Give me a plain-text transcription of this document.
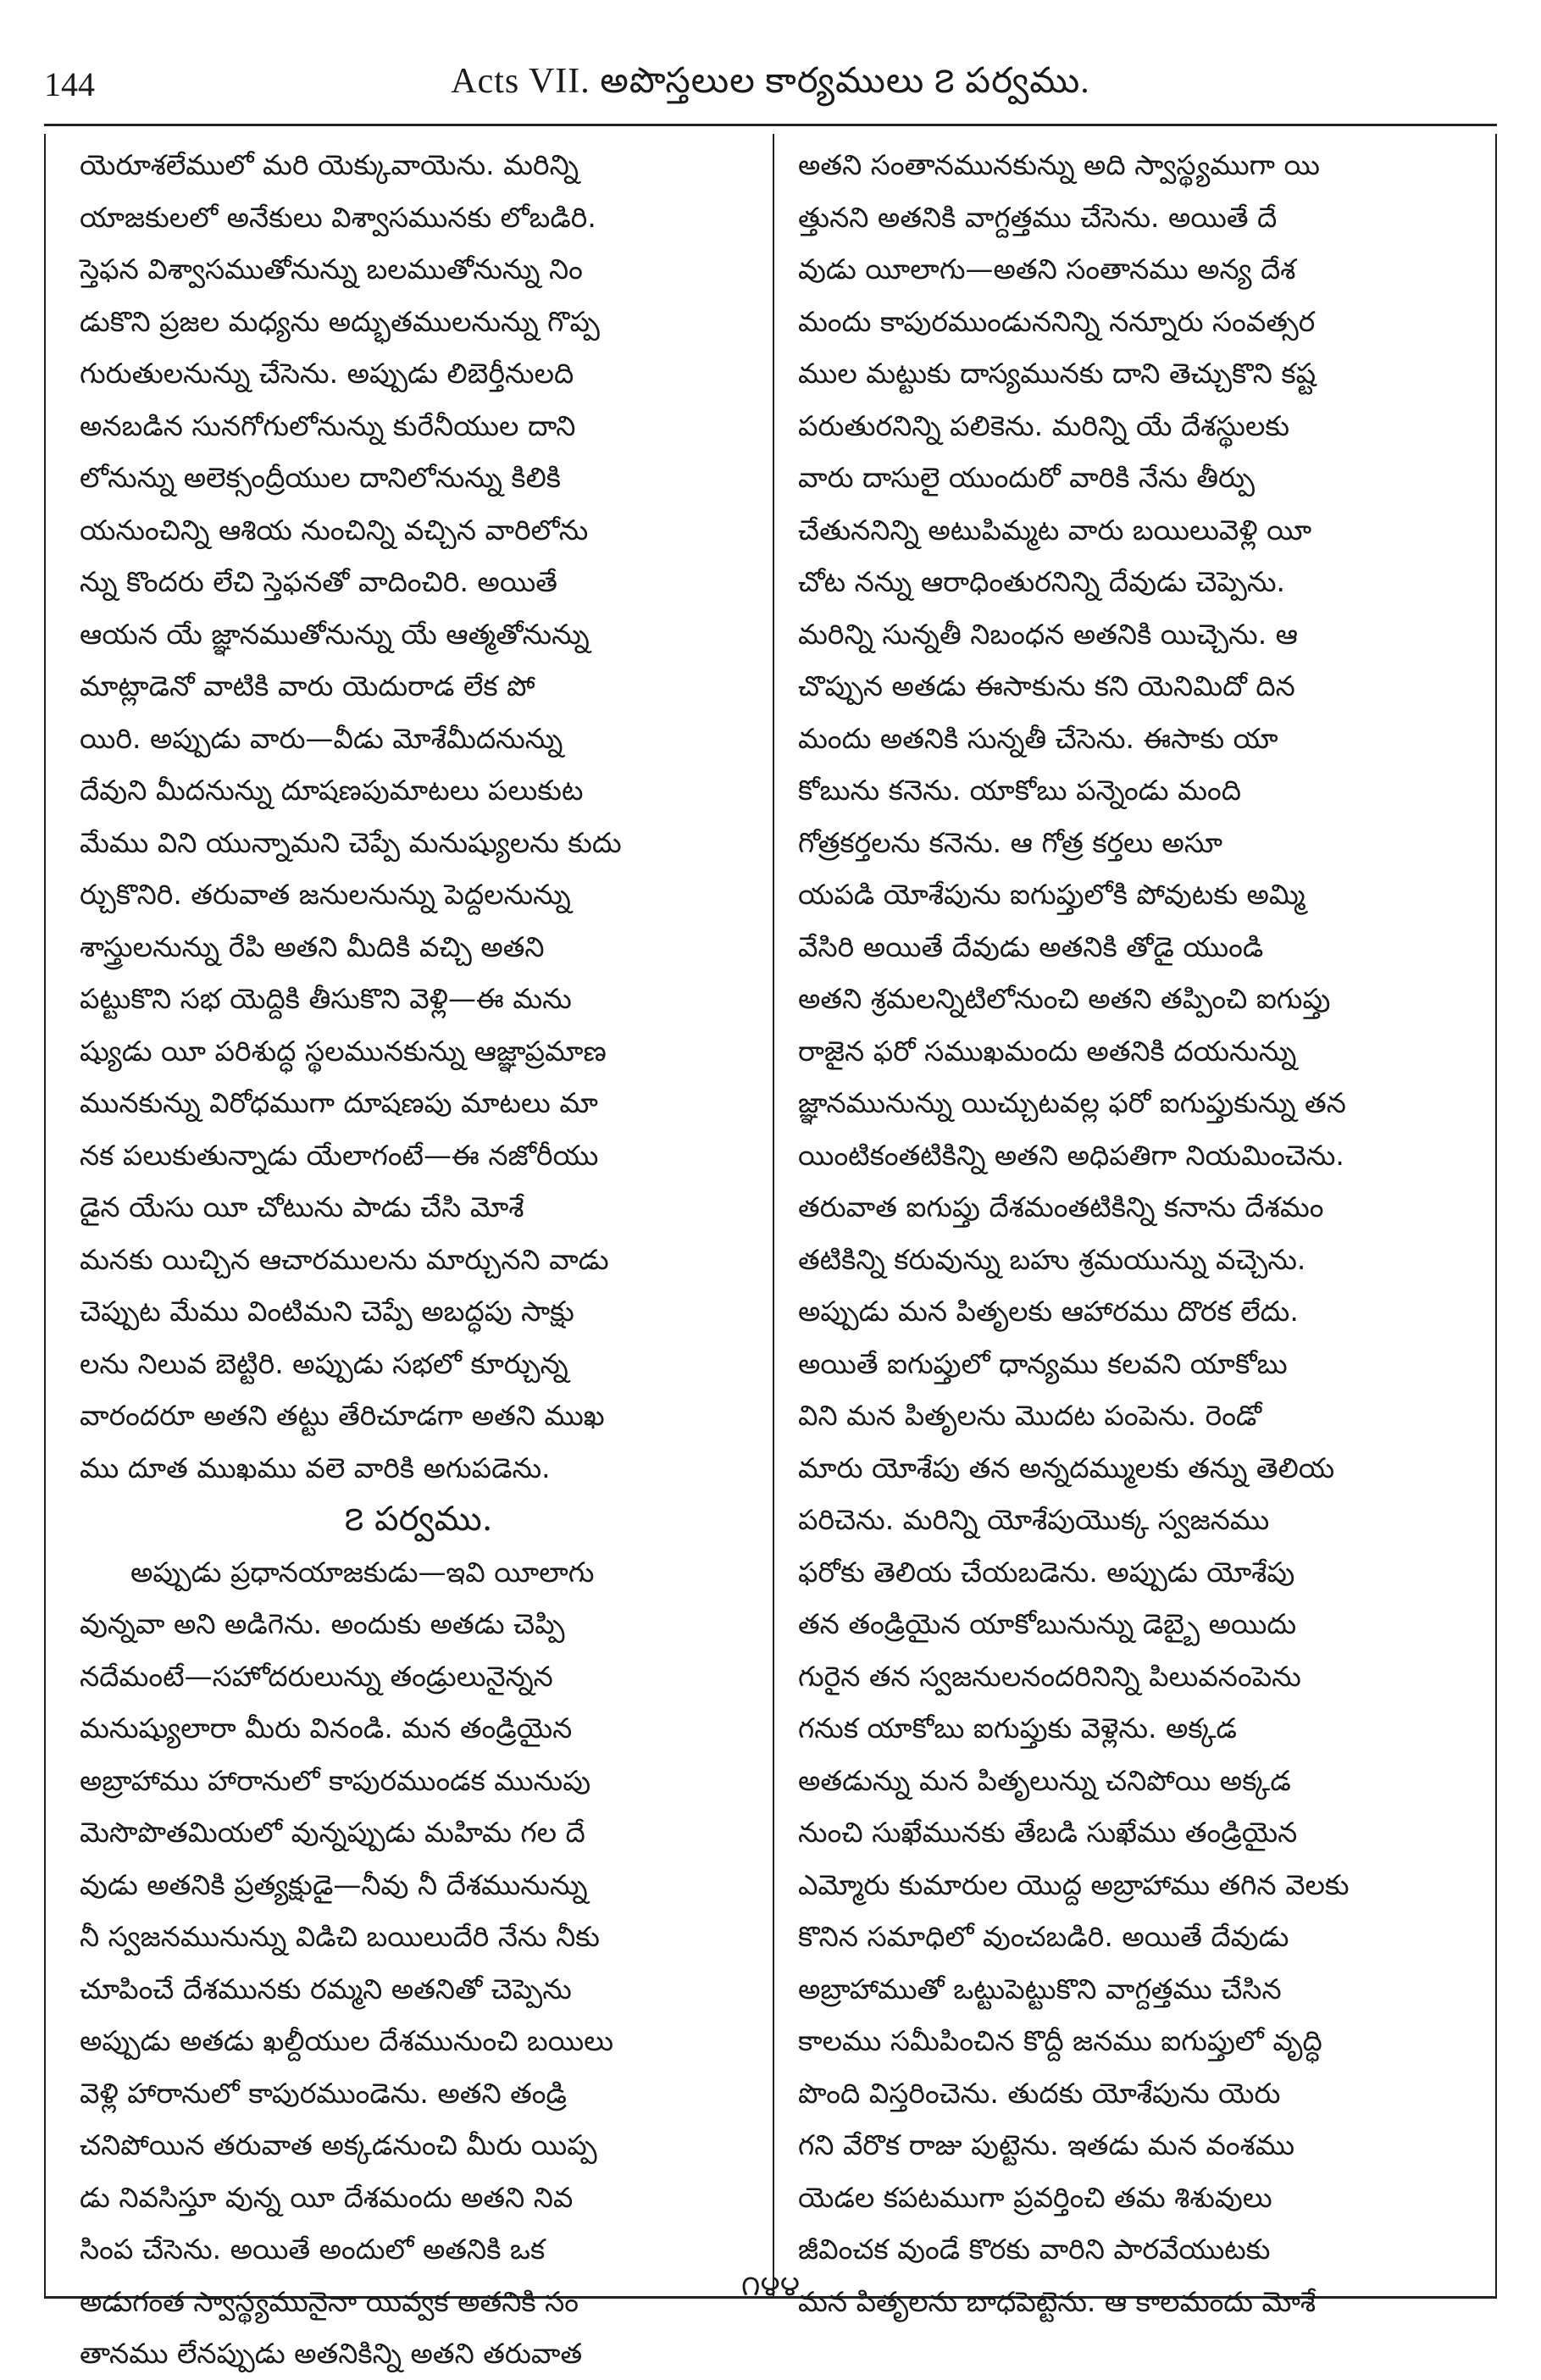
144	Acts VII. అపొస్తలుల కార్యములు ౭ పర్వము.
యెరూశలేములో మరి యెక్కువాయెను. మరిన్ని
యాజకులలో అనేకులు విశ్వాసమునకు లోబడిరి.
స్తెఫన విశ్వాసముతోనున్ను బలముతోనున్ను నిం
డుకొని ప్రజల మధ్యను అద్భుతములనున్ను గొప్ప
గురుతులనున్ను చేసెను. అప్పుడు లిబెర్తీనులది
అనబడిన సునగోగులోనున్ను కురేనీయుల దాని
లోనున్ను అలెక్సంద్రీయుల దానిలోనున్ను కిలికి
యనుంచిన్ని ఆశియ నుంచిన్ని వచ్చిన వారిలోను
న్ను కొందరు లేచి స్తెఫనతో వాదించిరి. అయితే
ఆయన యే జ్ఞానముతోనున్ను యే ఆత్మతోనున్ను
మాట్లాడెనో వాటికి వారు యెదురాడ లేక పో
యిరి. అప్పుడు వారు—వీడు మోశేమీదనున్ను
దేవుని మీదనున్ను దూషణపుమాటలు పలుకుట
మేము విని యున్నామని చెప్పే మనుష్యులను కుదు
ర్చుకొనిరి. తరువాత జనులనున్ను పెద్దలనున్ను
శాస్త్రులనున్ను రేపి అతని మీదికి వచ్చి అతని
పట్టుకొని సభ యెద్దికి తీసుకొని వెళ్లి—ఈ మను
ష్యుడు యీ పరిశుద్ధ స్థలమునకున్ను ఆజ్ఞాప్రమాణ
మునకున్ను విరోధముగా దూషణపు మాటలు మా
నక పలుకుతున్నాడు యేలాగంటే—ఈ నజోరీయు
డైన యేసు యీ చోటును పాడు చేసి మోశే
మనకు యిచ్చిన ఆచారములను మార్చునని వాడు
చెప్పుట మేము వింటిమని చెప్పే అబద్ధపు సాక్షు
లను నిలువ బెట్టిరి. అప్పుడు సభలో కూర్చున్న
వారందరూ అతని తట్టు తేరిచూడగా అతని ముఖ
ము దూత ముఖము వలె వారికి అగుపడెను.
౭ పర్వము.
అప్పుడు ప్రధానయాజకుడు—ఇవి యీలాగు
వున్నవా అని అడిగెను. అందుకు అతడు చెప్పి
నదేమంటే—సహోదరులున్ను తండ్రులునైన్నన
మనుష్యులారా మీరు వినండి. మన తండ్రియైన
అబ్రాహాము హారానులో కాపురముండక మునుపు
మెసొపొతమియలో వున్నప్పుడు మహిమ గల దే
వుడు అతనికి ప్రత్యక్షుడై—నీవు నీ దేశమునున్ను
నీ స్వజనమునున్ను విడిచి బయిలుదేరి నేను నీకు
చూపించే దేశమునకు రమ్మని అతనితో చెప్పెను
అప్పుడు అతడు ఖల్దీయుల దేశమునుంచి బయిలు
వెళ్లి హారానులో కాపురముండెను. అతని తండ్రి
చనిపోయిన తరువాత అక్కడనుంచి మీరు యిప్ప
డు నివసిస్తూ వున్న యీ దేశమందు అతని నివ
సింప చేసెను. అయితే అందులో అతనికి ఒక
అడుగంత స్వాస్థ్యమునైనా యివ్వక అతనికి సం
తానము లేనప్పుడు అతనికిన్ని అతని తరువాత
అతని సంతానమునకున్ను అది స్వాస్థ్యముగా యి
త్తునని అతనికి వాగ్దత్తము చేసెను. అయితే దే
వుడు యీలాగు—అతని సంతానము అన్య దేశ
మందు కాపురముండునని‌న్ని నన్నూరు సంవత్సర
ముల మట్టుకు దాస్యమునకు దాని తెచ్చుకొని కష్ట
పరుతురనిన్ని పలికెను. మరిన్ని యే దేశస్థులకు
వారు దాసులై యుందురో వారికి నేను తీర్పు
చేతుననిన్ని అటుపిమ్మట వారు బయిలువెళ్లి యీ
చోట నన్ను ఆరాధింతురనిన్ని దేవుడు చెప్పెను.
మరిన్ని సున్నతీ నిబంధన అతనికి యిచ్చెను. ఆ
చొప్పున అతడు ఈసాకును కని యెనిమిదో దిన
మందు అతనికి సున్నతీ చేసెను. ఈసాకు యా
కోబును కనెను. యాకోబు పన్నెండు మంది
గోత్రకర్తలను కనెను. ఆ గోత్ర కర్తలు అసూ
యపడి యోశేపును ఐగుప్తులోకి పోవుటకు అమ్మి
వేసిరి అయితే దేవుడు అతనికి తోడై యుండి
అతని శ్రమలన్నిటిలోనుంచి అతని తప్పించి ఐగుప్తు
రాజైన ఫరో సముఖమందు అతనికి దయనున్ను
జ్ఞానమునున్ను యిచ్చుటవల్ల ఫరో ఐగుప్తుకున్ను తన
యింటికంతటికిన్ని అతని అధిపతిగా నియమించెను.
తరువాత ఐగుప్తు దేశమంతటికిన్ని కనాను దేశమం
తటికిన్ని కరువున్ను బహు శ్రమయున్ను వచ్చెను.
అప్పుడు మన పితృలకు ఆహారము దొరక లేదు.
అయితే ఐగుప్తులో ధాన్యము కలవని యాకోబు
విని మన పితృలను మొదట పంపెను. రెండో
మారు యోశేపు తన అన్నదమ్ములకు తన్ను తెలియ
పరిచెను. మరిన్ని యోశేపుయొక్క స్వజనము
ఫరోకు తెలియ చేయబడెను. అప్పుడు యోశేపు
తన తండ్రియైన యాకోబునున్ను డెబ్బై అయిదు
గురైన తన స్వజనులనందరినిన్ని పిలువనంపెను
గనుక యాకోబు ఐగుప్తుకు వెళ్లెను. అక్కడ
అతడున్ను మన పితృలున్ను చనిపోయి అక్కడ
నుంచి సుఖేమునకు తేబడి సుఖేము తండ్రియైన
ఎమ్మోరు కుమారుల యొద్ద అబ్రాహాము తగిన వెలకు
కొనిన సమాధిలో వుంచబడిరి. అయితే దేవుడు
అబ్రాహాముతో ఒట్టుపెట్టుకొని వాగ్దత్తము చేసిన
కాలము సమీపించిన కొద్దీ జనము ఐగుప్తులో వృద్ధి
పొంది విస్తరించెను. తుదకు యోశేపును యెరు
గని వేరొక రాజు పుట్టెను. ఇతడు మన వంశము
యెడల కపటముగా ప్రవర్తించి తమ శిశువులు
జీవించక వుండే కొరకు వారిని పారవేయుటకు
మన పితృలను బాధపెట్టెను. ఆ కాలమందు మోశే
౧౪౪
